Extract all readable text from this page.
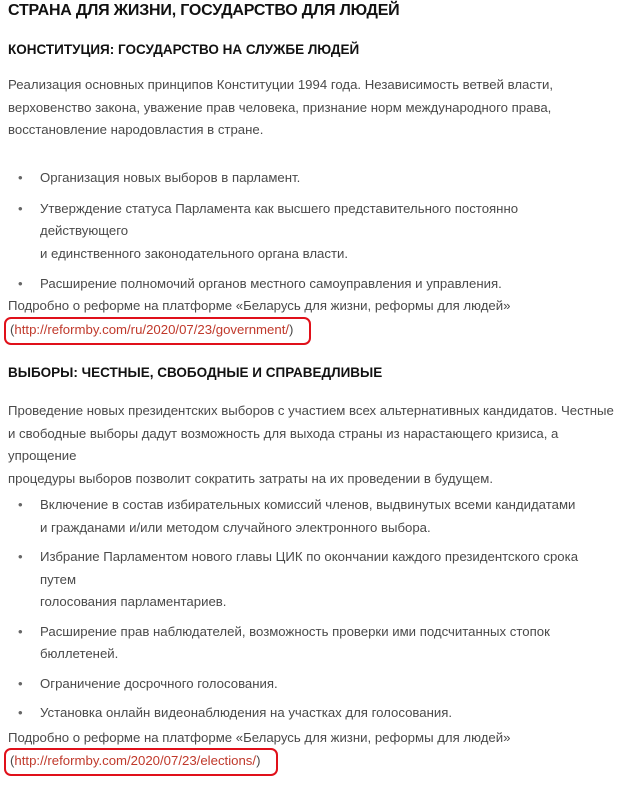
СТРАНА ДЛЯ ЖИЗНИ, ГОСУДАРСТВО ДЛЯ ЛЮДЕЙ
КОНСТИТУЦИЯ: ГОСУДАРСТВО НА СЛУЖБЕ ЛЮДЕЙ

Реализация основных принципов Конституции 1994 года. Независимость ветвей власти,
верховенство закона, уважение прав человека, признание норм международного права,
восстановление народовластия в стране.

• Организация новых выборов в парламент.
• Утверждение статуса Парламента как высшего представительного постоянно действующего
и единственного законодательного органа власти.
• Расширение полномочий органов местного самоуправления и управления.
Подробно о реформе на платформе «Беларусь для жизни, реформы для людей»
(http://reformby.com/ru/2020/07/23/government/)
ВЫБОРЫ: ЧЕСТНЫЕ, СВОБОДНЫЕ И СПРАВЕДЛИВЫЕ

Проведение новых президентских выборов с участием всех альтернативных кандидатов. Честные
и свободные выборы дадут возможность для выхода страны из нарастающего кризиса, а упрощение
процедуры выборов позволит сократить затраты на их проведении в будущем.

• Включение в состав избирательных комиссий членов, выдвинутых всеми кандидатами
и гражданами и/или методом случайного электронного выбора.
• Избрание Парламентом нового главы ЦИК по окончании каждого президентского срока путем
голосования парламентариев.
• Расширение прав наблюдателей, возможность проверки ими подсчитанных стопок
бюллетеней.
• Ограничение досрочного голосования.
• Установка онлайн видеонаблюдения на участках для голосования.
Подробно о реформе на платформе «Беларусь для жизни, реформы для людей»
(http://reformby.com/2020/07/23/elections/)
